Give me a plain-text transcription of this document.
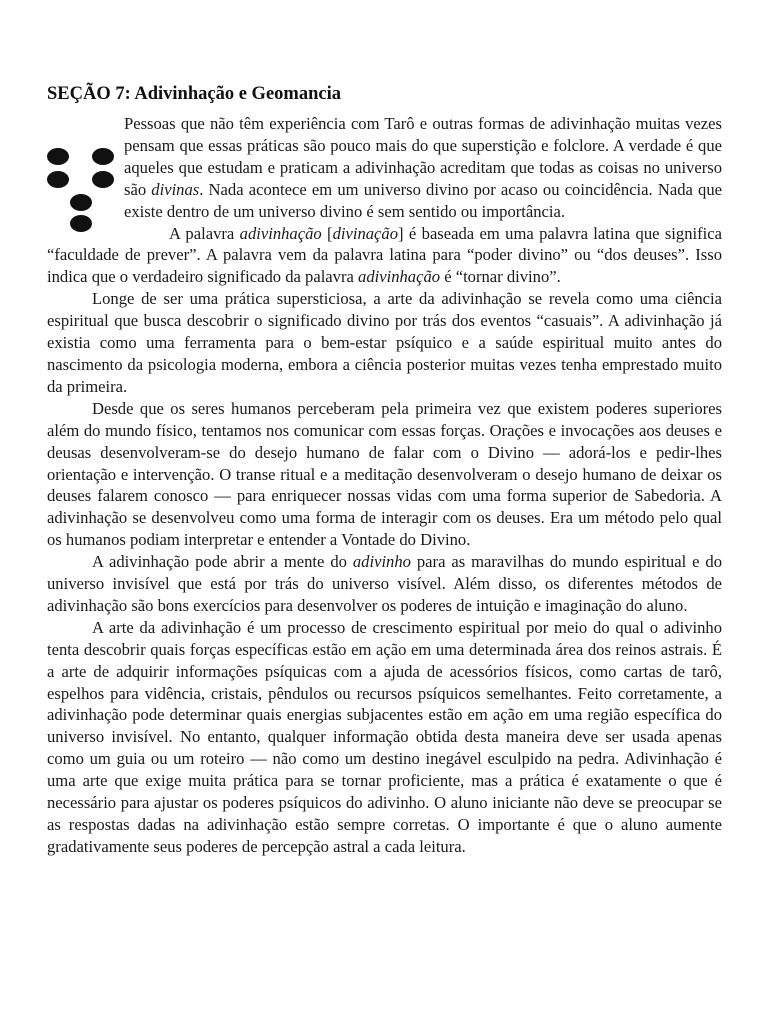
SEÇÃO 7: Adivinhação e Geomancia

Pessoas que não têm experiência com Tarô e outras formas de adivinhação muitas vezes pensam que essas práticas são pouco mais do que superstição e folclore. A verdade é que aqueles que estudam e praticam a adivinhação acreditam que todas as coisas no universo são divinas. Nada acontece em um universo divino por acaso ou coincidência. Nada que existe dentro de um universo divino é sem sentido ou importância.

A palavra adivinhação [divinação] é baseada em uma palavra latina que significa “faculdade de prever”. A palavra vem da palavra latina para “poder divino” ou “dos deuses”. Isso indica que o verdadeiro significado da palavra adivinhação é “tornar divino”.

Longe de ser uma prática supersticiosa, a arte da adivinhação se revela como uma ciência espiritual que busca descobrir o significado divino por trás dos eventos “casuais”. A adivinhação já existia como uma ferramenta para o bem-estar psíquico e a saúde espiritual muito antes do nascimento da psicologia moderna, embora a ciência posterior muitas vezes tenha emprestado muito da primeira.

Desde que os seres humanos perceberam pela primeira vez que existem poderes superiores além do mundo físico, tentamos nos comunicar com essas forças. Orações e invocações aos deuses e deusas desenvolveram-se do desejo humano de falar com o Divino — adorá-los e pedir-lhes orientação e intervenção. O transe ritual e a meditação desenvolveram o desejo humano de deixar os deuses falarem conosco — para enriquecer nossas vidas com uma forma superior de Sabedoria. A adivinhação se desenvolveu como uma forma de interagir com os deuses. Era um método pelo qual os humanos podiam interpretar e entender a Vontade do Divino.

A adivinhação pode abrir a mente do adivinho para as maravilhas do mundo espiritual e do universo invisível que está por trás do universo visível. Além disso, os diferentes métodos de adivinhação são bons exercícios para desenvolver os poderes de intuição e imaginação do aluno.

A arte da adivinhação é um processo de crescimento espiritual por meio do qual o adivinho tenta descobrir quais forças específicas estão em ação em uma determinada área dos reinos astrais. É a arte de adquirir informações psíquicas com a ajuda de acessórios físicos, como cartas de tarô, espelhos para vidência, cristais, pêndulos ou recursos psíquicos semelhantes. Feito corretamente, a adivinhação pode determinar quais energias subjacentes estão em ação em uma região específica do universo invisível. No entanto, qualquer informação obtida desta maneira deve ser usada apenas como um guia ou um roteiro — não como um destino inegável esculpido na pedra. Adivinhação é uma arte que exige muita prática para se tornar proficiente, mas a prática é exatamente o que é necessário para ajustar os poderes psíquicos do adivinho. O aluno iniciante não deve se preocupar se as respostas dadas na adivinhação estão sempre corretas. O importante é que o aluno aumente gradativamente seus poderes de percepção astral a cada leitura.
